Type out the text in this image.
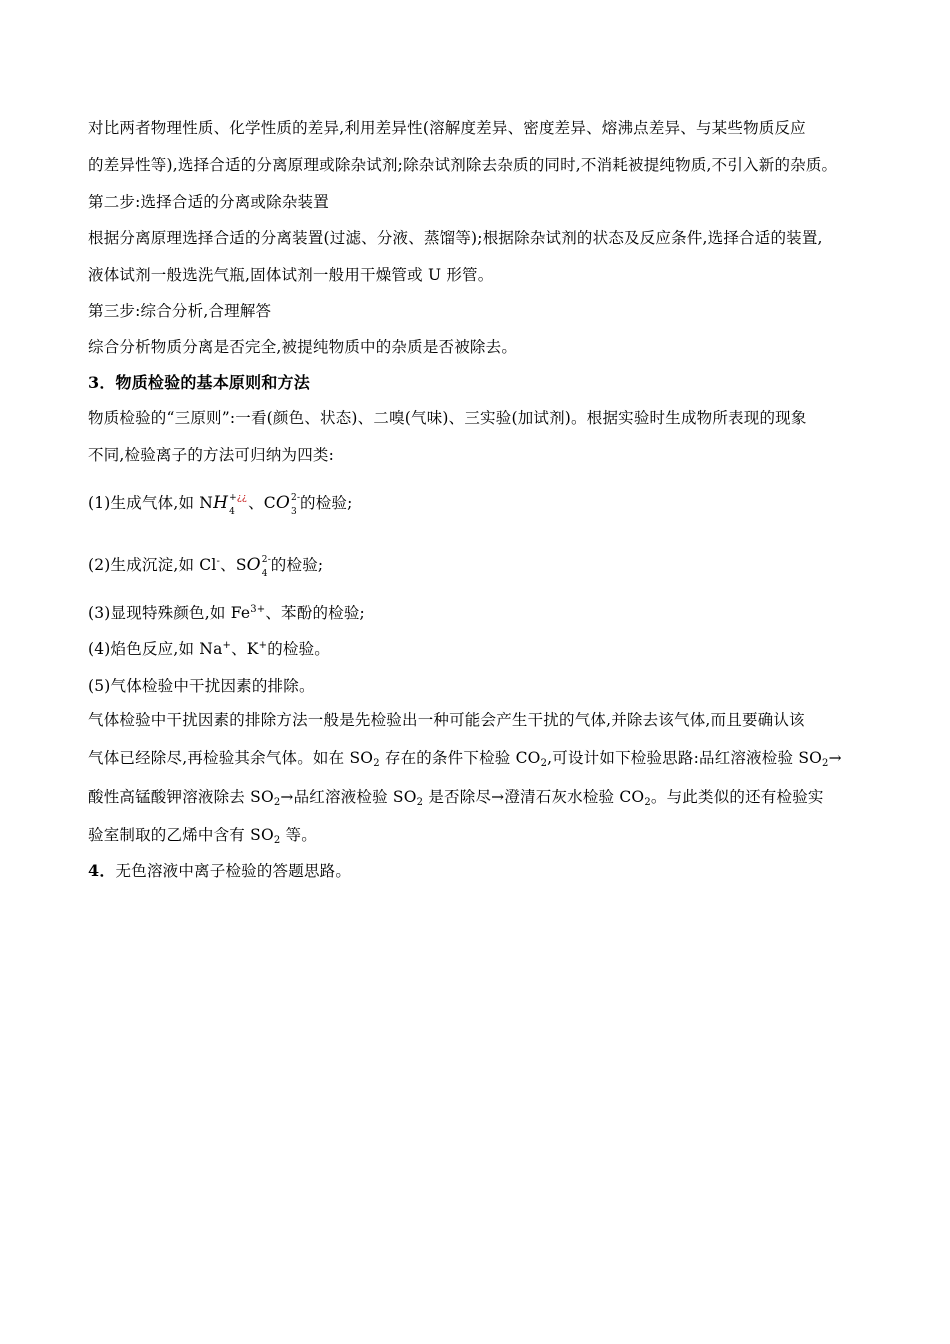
对比两者物理性质、化学性质的差异,利用差异性(溶解度差异、密度差异、熔沸点差异、与某些物质反应
的差异性等),选择合适的分离原理或除杂试剂;除杂试剂除去杂质的同时,不消耗被提纯物质,不引入新的杂质。
第二步:选择合适的分离或除杂装置
根据分离原理选择合适的分离装置(过滤、分液、蒸馏等);根据除杂试剂的状态及反应条件,选择合适的装置,
液体试剂一般选洗气瓶,固体试剂一般用干燥管或 U 形管。
第三步:综合分析,合理解答
综合分析物质分离是否完全,被提纯物质中的杂质是否被除去。
3．物质检验的基本原则和方法
物质检验的“三原则”:一看(颜色、状态)、二嗅(气味)、三实验(加试剂)。根据实验时生成物所表现的现象
不同,检验离子的方法可归纳为四类:
(1)生成气体,如 NH +¿¿
4 、CO 2-
3 的检验;
(2)生成沉淀,如 Cl-、SO 2-
4 的检验;
(3)显现特殊颜色,如 $Fe^{3+}$、苯酚的检验;
(4)焰色反应,如 Na+、K+的检验。
(5)气体检验中干扰因素的排除。
气体检验中干扰因素的排除方法一般是先检验出一种可能会产生干扰的气体,并除去该气体,而且要确认该
气体已经除尽,再检验其余气体。如在 SO2 存在的条件下检验 CO2,可设计如下检验思路:品红溶液检验 SO2→
酸性高锰酸钾溶液除去 SO2→品红溶液检验 SO2 是否除尽→澄清石灰水检验 CO2。与此类似的还有检验实
验室制取的乙烯中含有 SO2 等。
4．无色溶液中离子检验的答题思路。
